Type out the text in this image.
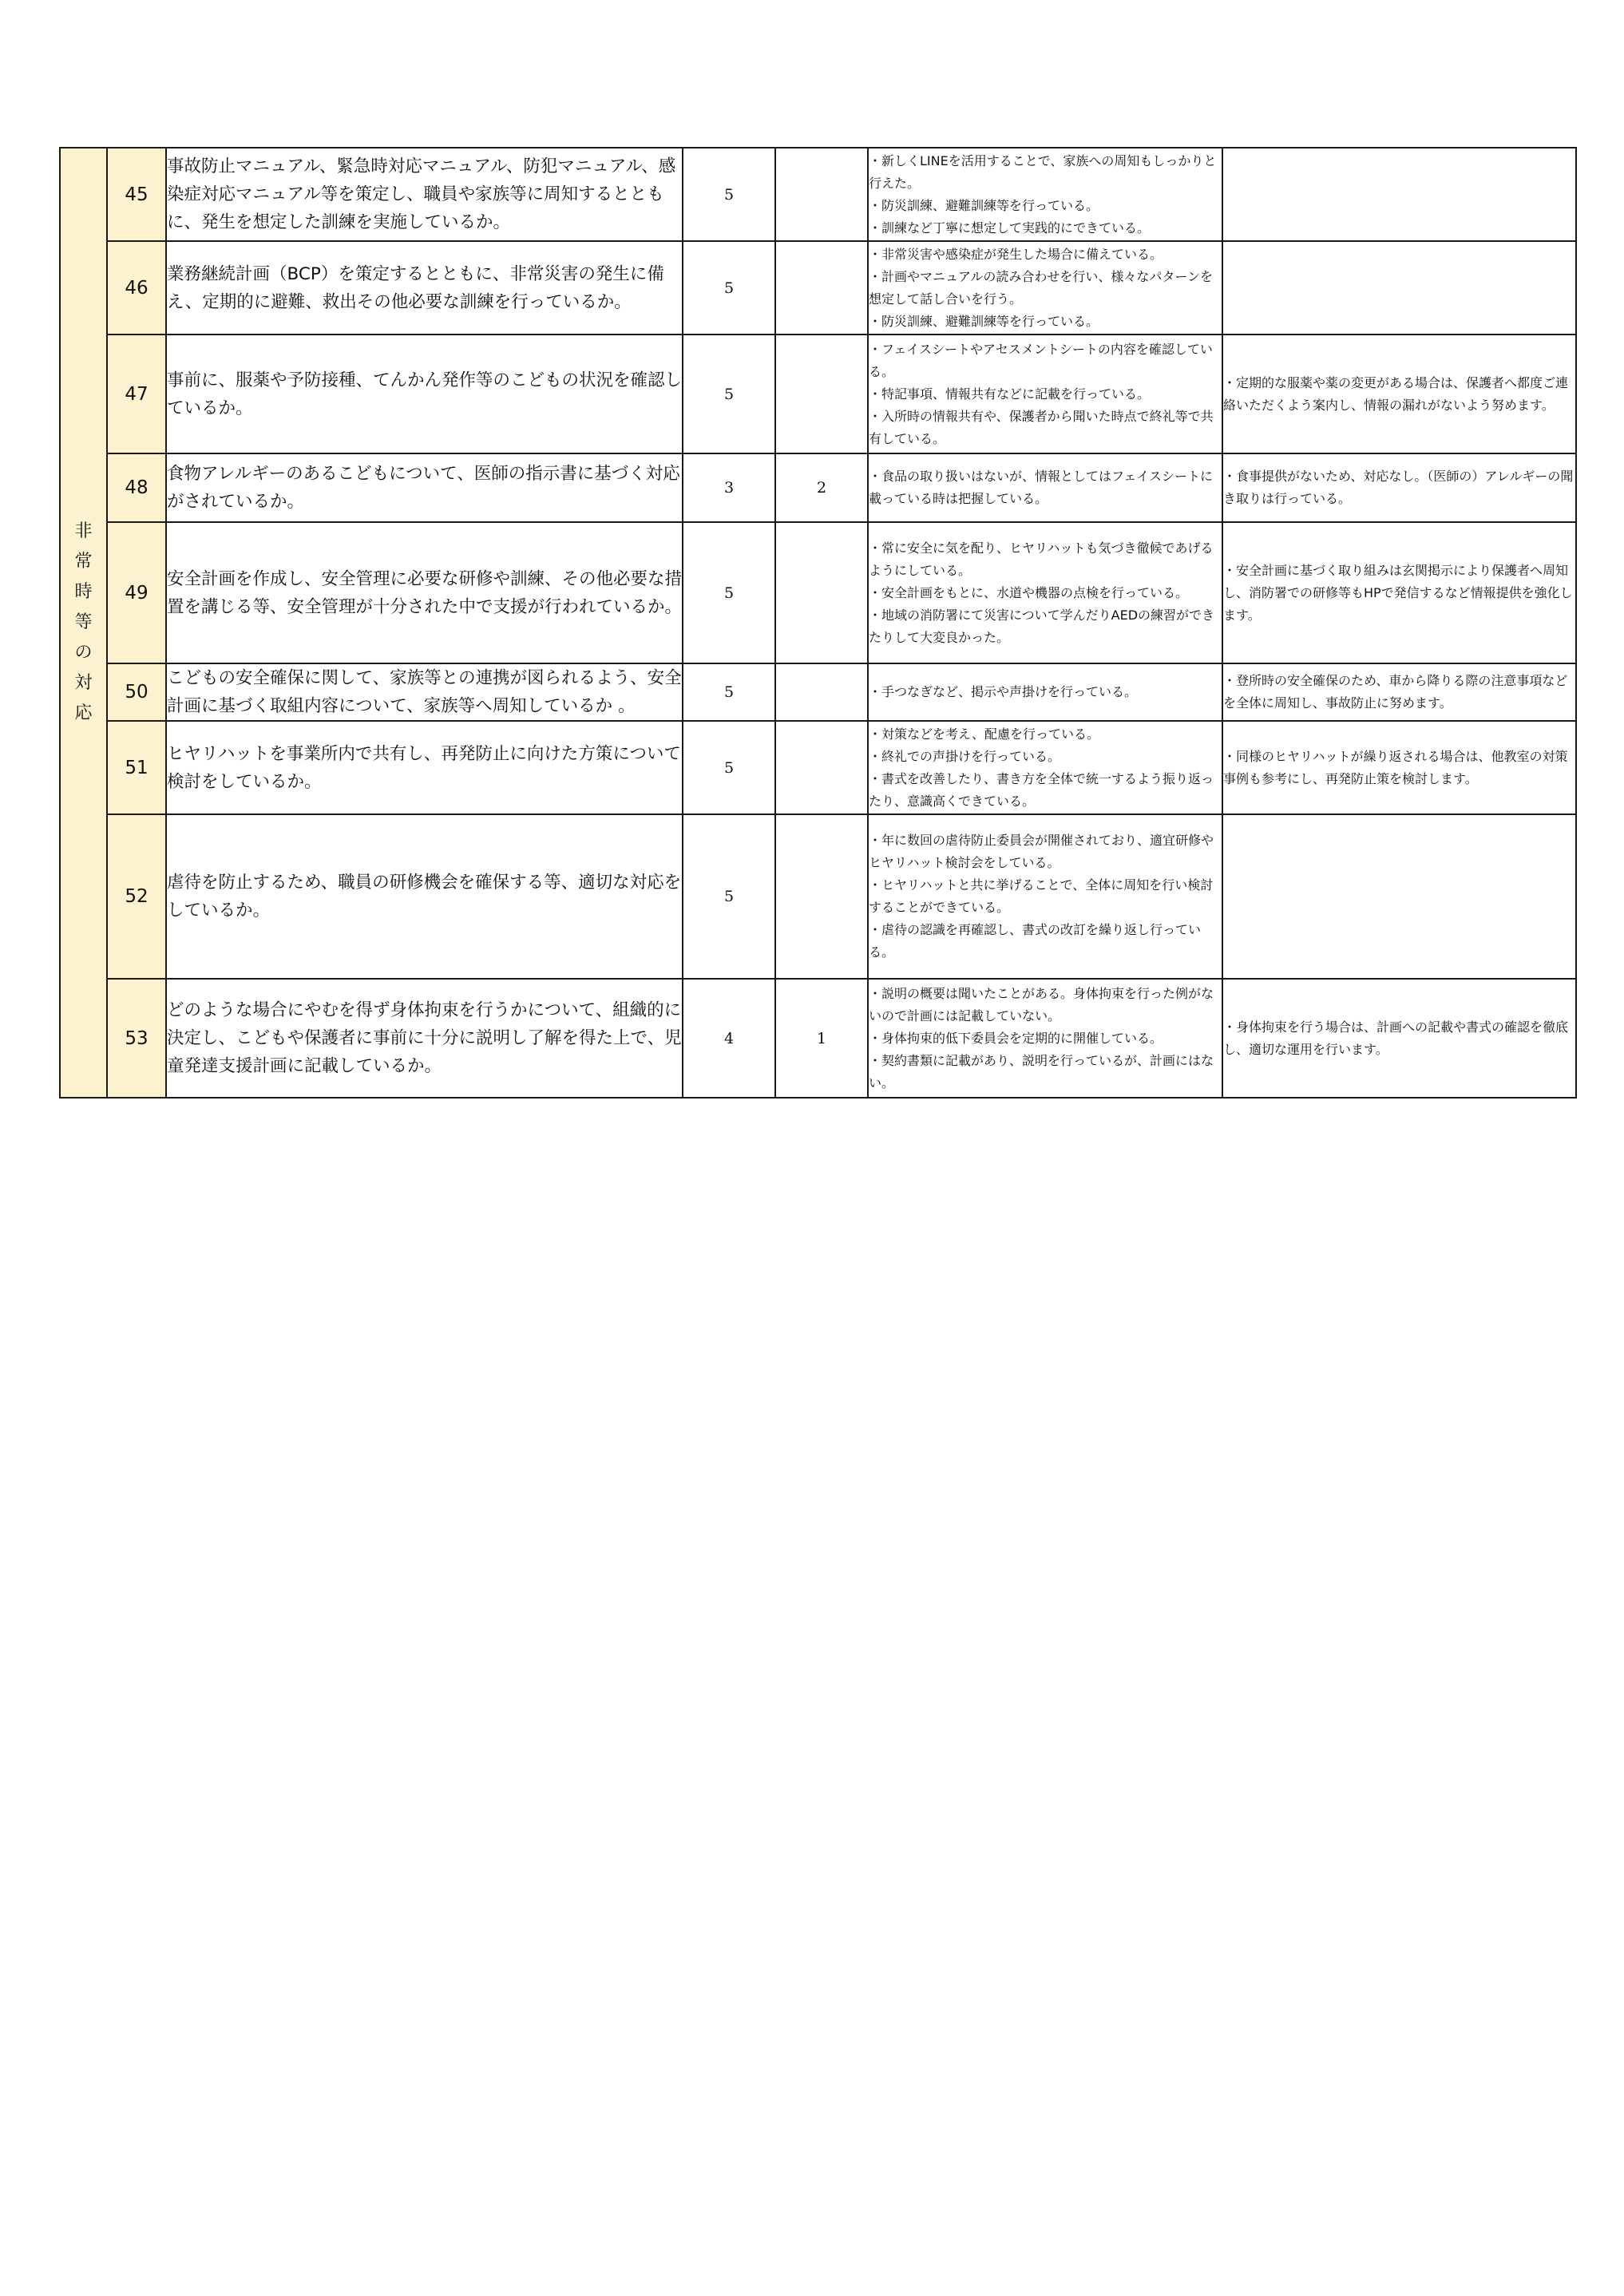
非常時等の対応	45	事故防止マニュアル、緊急時対応マニュアル、防犯マニュアル、感染症対応マニュアル等を策定し、職員や家族等に周知するとともに、発生を想定した訓練を実施しているか。	5		・新しくLINEを活用することで、家族への周知もしっかりと行えた。
・防災訓練、避難訓練等を行っている。
・訓練など丁寧に想定して実践的にできている。	

	46	業務継続計画（BCP）を策定するとともに、非常災害の発生に備え、定期的に避難、救出その他必要な訓練を行っているか。	5		・非常災害や感染症が発生した場合に備えている。
・計画やマニュアルの読み合わせを行い、様々なパターンを想定して話し合いを行う。
・防災訓練、避難訓練等を行っている。	

	47	事前に、服薬や予防接種、てんかん発作等のこどもの状況を確認しているか。	5		・フェイスシートやアセスメントシートの内容を確認している。
・特記事項、情報共有などに記載を行っている。
・入所時の情報共有や、保護者から聞いた時点で終礼等で共有している。	・定期的な服薬や薬の変更がある場合は、保護者へ都度ご連絡いただくよう案内し、情報の漏れがないよう努めます。

	48	食物アレルギーのあるこどもについて、医師の指示書に基づく対応がされているか。	3	2	・食品の取り扱いはないが、情報としてはフェイスシートに載っている時は把握している。	・食事提供がないため、対応なし。（医師の）アレルギーの聞き取りは行っている。

	49	安全計画を作成し、安全管理に必要な研修や訓練、その他必要な措置を講じる等、安全管理が十分された中で支援が行われているか。	5		・常に安全に気を配り、ヒヤリハットも気づき徹候であげるようにしている。
・安全計画をもとに、水道や機器の点検を行っている。
・地域の消防署にて災害について学んだりAEDの練習ができたりして大変良かった。	・安全計画に基づく取り組みは玄関掲示により保護者へ周知し、消防署での研修等もHPで発信するなど情報提供を強化します。

	50	こどもの安全確保に関して、家族等との連携が図られるよう、安全計画に基づく取組内容について、家族等へ周知しているか 。	5		・手つなぎなど、掲示や声掛けを行っている。	・登所時の安全確保のため、車から降りる際の注意事項などを全体に周知し、事故防止に努めます。

	51	ヒヤリハットを事業所内で共有し、再発防止に向けた方策について検討をしているか。	5		・対策などを考え、配慮を行っている。
・終礼での声掛けを行っている。
・書式を改善したり、書き方を全体で統一するよう振り返ったり、意識高くできている。	・同様のヒヤリハットが繰り返される場合は、他教室の対策事例も参考にし、再発防止策を検討します。

	52	虐待を防止するため、職員の研修機会を確保する等、適切な対応をしているか。	5		・年に数回の虐待防止委員会が開催されており、適宜研修やヒヤリハット検討会をしている。
・ヒヤリハットと共に挙げることで、全体に周知を行い検討することができている。
・虐待の認識を再確認し、書式の改訂を繰り返し行っている。	

	53	どのような場合にやむを得ず身体拘束を行うかについて、組織的に決定し、こどもや保護者に事前に十分に説明し了解を得た上で、児童発達支援計画に記載しているか。	4	1	・説明の概要は聞いたことがある。身体拘束を行った例がないので計画には記載していない。
・身体拘束的低下委員会を定期的に開催している。
・契約書類に記載があり、説明を行っているが、計画にはない。	・身体拘束を行う場合は、計画への記載や書式の確認を徹底し、適切な運用を行います。
